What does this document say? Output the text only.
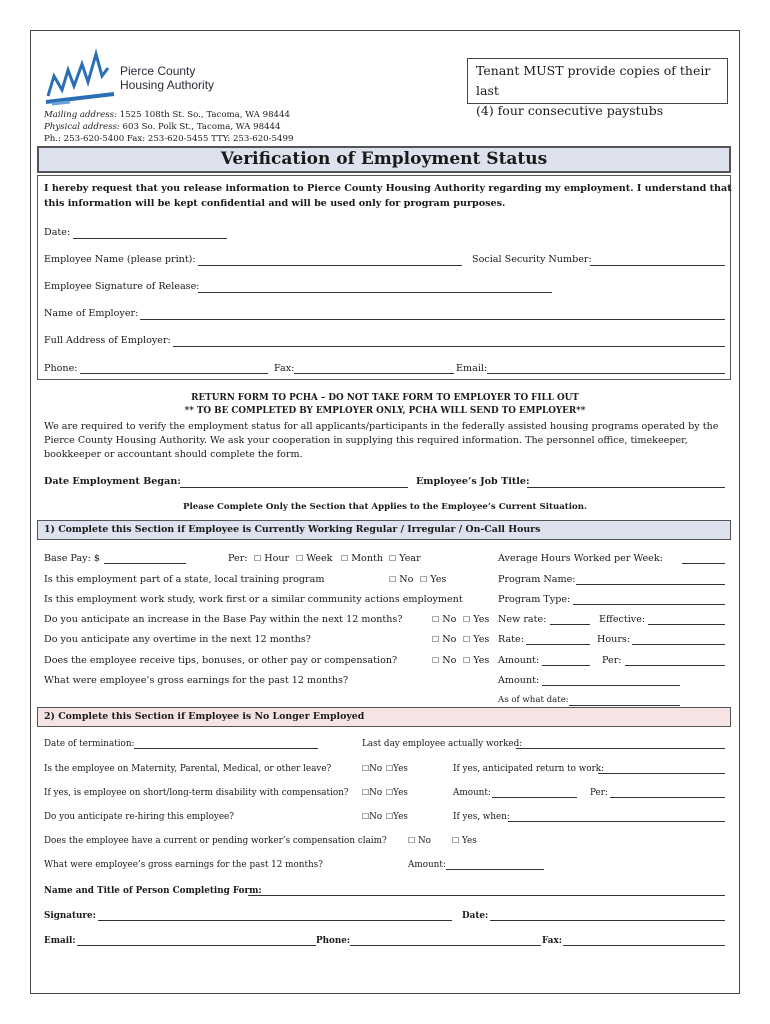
Pierce County
Housing Authority
Mailing address: 1525 108th St. So., Tacoma, WA 98444
Physical address: 603 So. Polk St., Tacoma, WA 98444
Ph.: 253-620-5400 Fax: 253-620-5455 TTY: 253-620-5499
Tenant MUST provide copies of their last
(4) four consecutive paystubs
Verification of Employment Status
I hereby request that you release information to Pierce County Housing Authority regarding my employment. I understand that
this information will be kept confidential and will be used only for program purposes.
Date:
Employee Name (please print):	Social Security Number:
Employee Signature of Release:
Name of Employer:
Full Address of Employer:
Phone:	Fax:	Email:
RETURN FORM TO PCHA – DO NOT TAKE FORM TO EMPLOYER TO FILL OUT
** TO BE COMPLETED BY EMPLOYER ONLY, PCHA WILL SEND TO EMPLOYER**
We are required to verify the employment status for all applicants/participants in the federally assisted housing programs operated by the
Pierce County Housing Authority. We ask your cooperation in supplying this required information. The personnel office, timekeeper,
bookkeeper or accountant should complete the form.
Date Employment Began:	Employee’s Job Title:
Please Complete Only the Section that Applies to the Employee’s Current Situation.
1) Complete this Section if Employee is Currently Working Regular / Irregular / On-Call Hours
Base Pay: $	Per: ☐ Hour ☐ Week ☐ Month ☐ Year	Average Hours Worked per Week:
Is this employment part of a state, local training program	☐ No ☐ Yes	Program Name:
Is this employment work study, work first or a similar community actions employment	Program Type:
Do you anticipate an increase in the Base Pay within the next 12 months?	☐ No ☐ Yes New rate:	Effective:
Do you anticipate any overtime in the next 12 months?	☐ No ☐ Yes Rate:	Hours:
Does the employee receive tips, bonuses, or other pay or compensation?	☐ No ☐ Yes Amount:	Per:
What were employee’s gross earnings for the past 12 months?	Amount:
As of what date:
2) Complete this Section if Employee is No Longer Employed
Date of termination:	Last day employee actually worked:
Is the employee on Maternity, Parental, Medical, or other leave?	☐No ☐Yes	If yes, anticipated return to work:
If yes, is employee on short/long-term disability with compensation? ☐No ☐Yes	Amount:	Per:
Do you anticipate re-hiring this employee?	☐No ☐Yes	If yes, when:
Does the employee have a current or pending worker’s compensation claim?	☐ No	☐ Yes
What were employee’s gross earnings for the past 12 months?	Amount:
Name and Title of Person Completing Form:
Signature:	Date:
Email:	Phone:	Fax:
